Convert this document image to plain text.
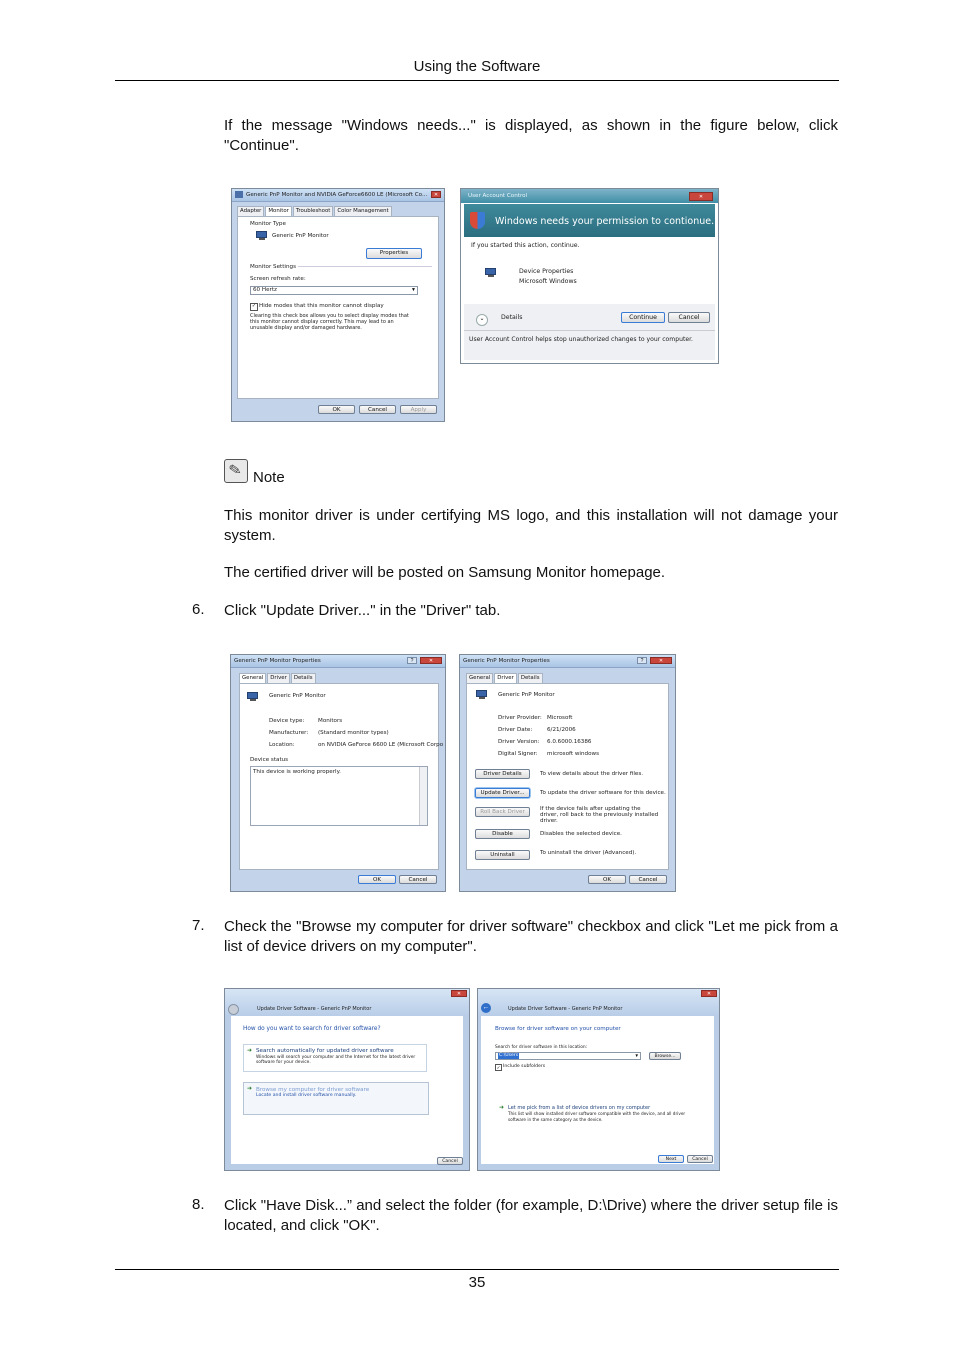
Using the Software
If the message "Windows needs..." is displayed, as shown in the figure below, click "Continue".
Generic PnP Monitor and NVIDIA GeForce6600 LE (Microsoft Co...	✕
Adapter	Monitor	Troubleshoot	Color Management
Monitor Type
Generic PnP Monitor
Properties
Monitor Settings
Screen refresh rate:
60 Hertz	▼
✓ Hide modes that this monitor cannot display
Clearing this check box allows you to select display modes that this monitor cannot display correctly. This may lead to an unusable display and/or damaged hardware.
OK	Cancel	Apply
User Account Control	✕
Windows needs your permission to contionue.
If you started this action, continue.
Device Properties
Microsoft Windows
⌄	Details	Continue	Cancel
User Account Control helps stop unauthorized changes to your computer.
✎ Note
This monitor driver is under certifying MS logo, and this installation will not damage your system.
The certified driver will be posted on Samsung Monitor homepage.
6. Click "Update Driver..." in the "Driver" tab.
Generic PnP Monitor Properties	?	✕
General	Driver	Details
Generic PnP Monitor
Device type: Monitors
Manufacturer: (Standard monitor types)
Location:	on NVIDIA GeForce 6600 LE (Microsoft Corpo
Device status
This device is working properly.
OK	Cancel
Generic PnP Monitor Properties	?	✕
General	Driver	Details
Generic PnP Monitor
Driver Provider: Microsoft
Driver Date:	6/21/2006
Driver Version: 6.0.6000.16386
Digital Signer: microsoft windows
Driver Details	To view details about the driver files.
Update Driver...	To update the driver software for this device.
Roll Back Driver	If the device fails after updating the driver, roll back to the previously installed driver.
Disable	Disables the selected device.
Uninstall	To uninstall the driver (Advanced).
OK	Cancel
7. Check the "Browse my computer for driver software" checkbox and click "Let me pick from a list of device drivers on my computer".
Update Driver Software - Generic PnP Monitor
✕
How do you want to search for driver software?
➜ Search automatically for updated driver software
Windows will search your computer and the Internet for the latest driver software for your device.
➜ Browse my computer for driver software
Locate and install driver software manually.
Cancel
←	Update Driver Software - Generic PnP Monitor
✕
Browse for driver software on your computer
Search for driver software in this location:
C:\Users	▼	Browse...
✓ Include subfolders
➜ Let me pick from a list of device drivers on my computer
This list will show installed driver software compatible with the device, and all driver software in the same category as the device.
Next	Cancel
8. Click "Have Disk...” and select the folder (for example, D:\Drive) where the driver setup file is located, and click "OK".
35
